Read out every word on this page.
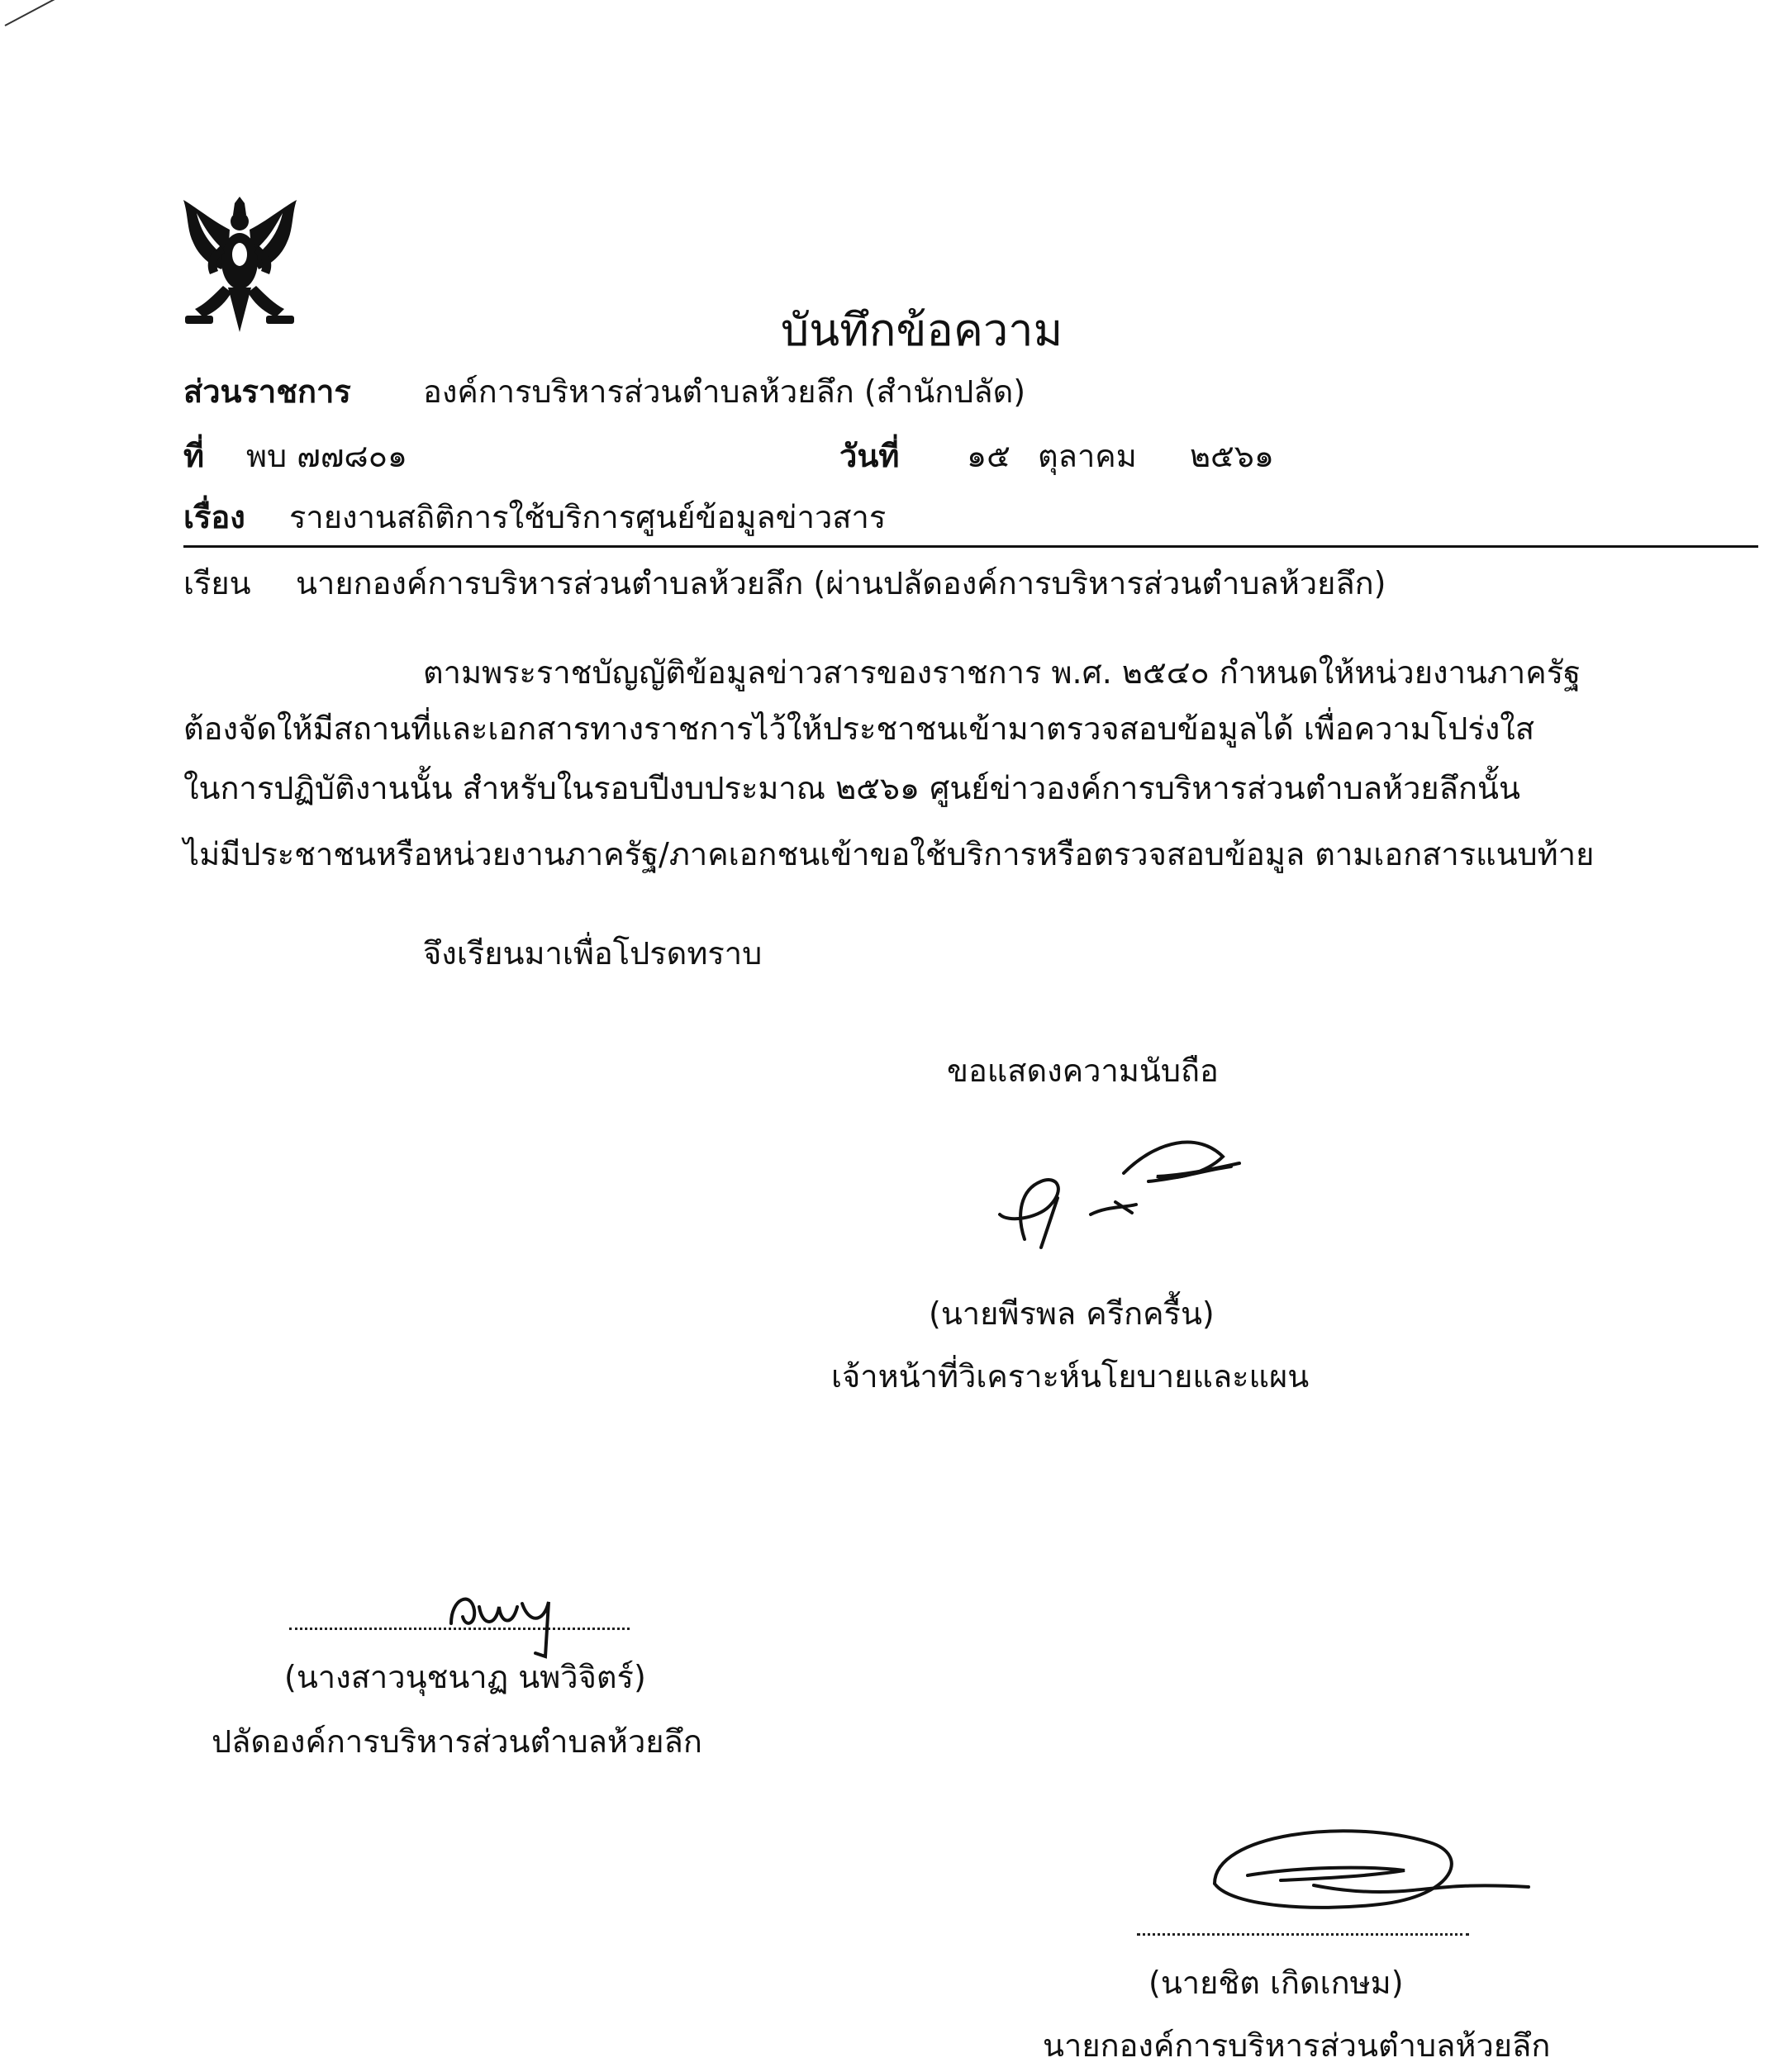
บันทึกข้อความ
ส่วนราชการ องค์การบริหารส่วนตำบลห้วยลึก (สำนักปลัด)
ที่ พบ ๗๗๘๐๑	วันที่ ๑๕ ตุลาคม ๒๕๖๑
เรื่อง รายงานสถิติการใช้บริการศูนย์ข้อมูลข่าวสาร
เรียน นายกองค์การบริหารส่วนตำบลห้วยลึก (ผ่านปลัดองค์การบริหารส่วนตำบลห้วยลึก)
ตามพระราชบัญญัติข้อมูลข่าวสารของราชการ พ.ศ. ๒๕๔๐ กำหนดให้หน่วยงานภาครัฐ
ต้องจัดให้มีสถานที่และเอกสารทางราชการไว้ให้ประชาชนเข้ามาตรวจสอบข้อมูลได้ เพื่อความโปร่งใส
ในการปฏิบัติงานนั้น สำหรับในรอบปีงบประมาณ ๒๕๖๑ ศูนย์ข่าวองค์การบริหารส่วนตำบลห้วยลึกนั้น
ไม่มีประชาชนหรือหน่วยงานภาครัฐ/ภาคเอกชนเข้าขอใช้บริการหรือตรวจสอบข้อมูล ตามเอกสารแนบท้าย
จึงเรียนมาเพื่อโปรดทราบ
ขอแสดงความนับถือ
(นายพีรพล ครีกครื้น)
เจ้าหน้าที่วิเคราะห์นโยบายและแผน
(นางสาวนุชนาฏ นพวิจิตร์)
ปลัดองค์การบริหารส่วนตำบลห้วยลึก
(นายชิต เกิดเกษม)
นายกองค์การบริหารส่วนตำบลห้วยลึก
